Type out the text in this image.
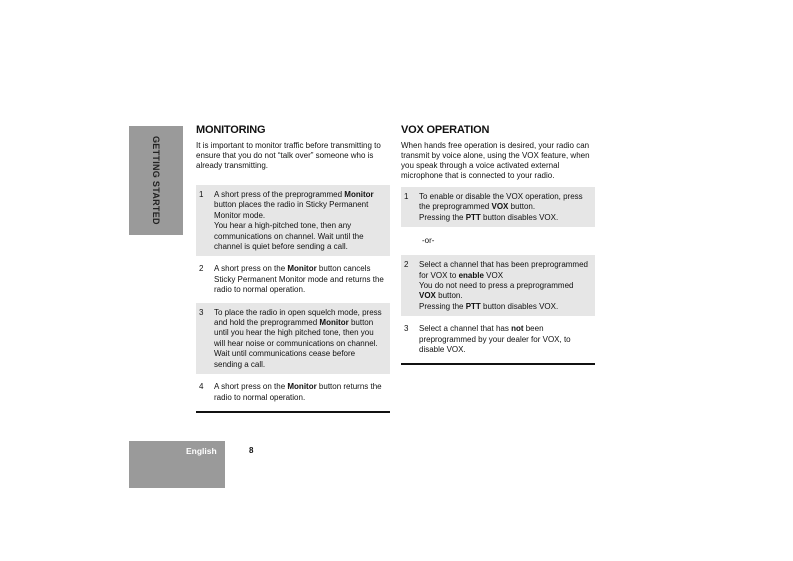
GETTING STARTED
MONITORING

It is important to monitor traffic before transmitting to ensure that you do not “talk over” someone who is already transmitting.

1	A short press of the preprogrammed Monitor button places the radio in Sticky Permanent Monitor mode.
You hear a high-pitched tone, then any communications on channel. Wait until the channel is quiet before sending a call.
2	A short press on the Monitor button cancels Sticky Permanent Monitor mode and returns the radio to normal operation.
3	To place the radio in open squelch mode, press and hold the preprogrammed Monitor button until you hear the high pitched tone, then you will hear noise or communications on channel. Wait until communications cease before sending a call.
4	A short press on the Monitor button returns the radio to normal operation.
VOX OPERATION

When hands free operation is desired, your radio can transmit by voice alone, using the VOX feature, when you speak through a voice activated external microphone that is connected to your radio.

1	To enable or disable the VOX operation, press the preprogrammed VOX button.
Pressing the PTT button disables VOX.
-or-
2	Select a channel that has been preprogrammed for VOX to enable VOX
You do not need to press a preprogrammed VOX button.
Pressing the PTT button disables VOX.
3	Select a channel that has not been preprogrammed by your dealer for VOX, to disable VOX.
English	8
